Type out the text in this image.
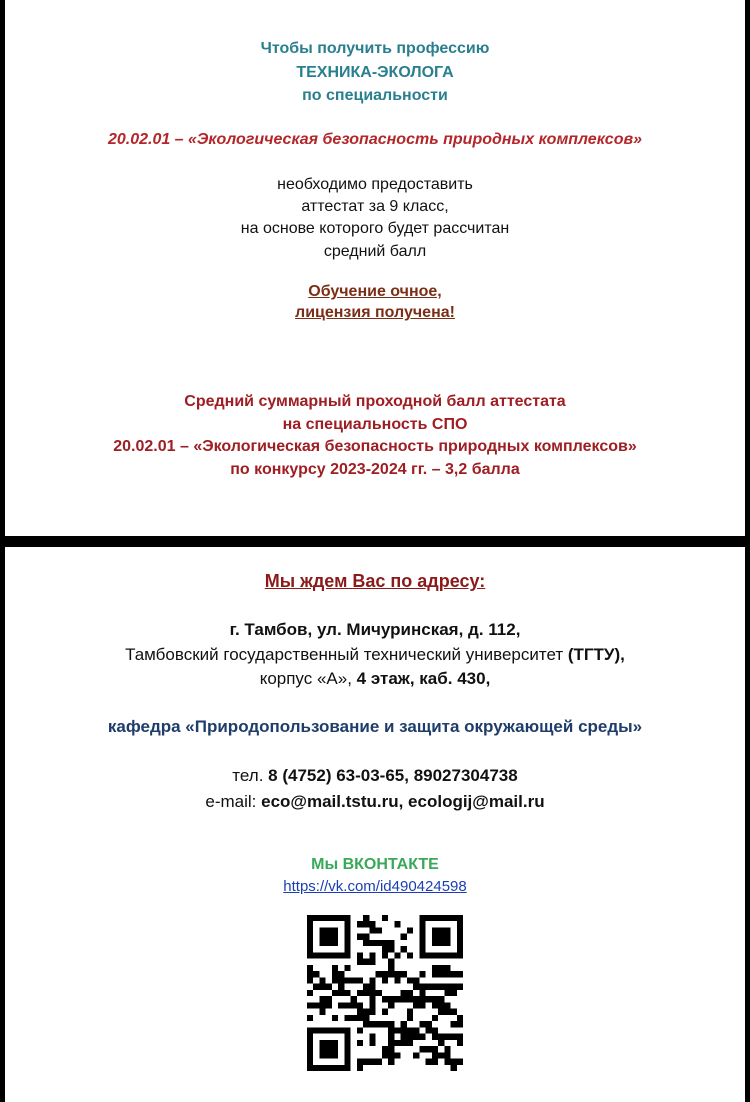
Чтобы получить профессию
ТЕХНИКА-ЭКОЛОГА
по специальности
20.02.01 – «Экологическая безопасность природных комплексов»
необходимо предоставить
аттестат за 9 класс,
на основе которого будет рассчитан
средний балл
Обучение очное,
лицензия получена!
Средний суммарный проходной балл аттестата
на специальность СПО
20.02.01 – «Экологическая безопасность природных комплексов»
по конкурсу 2023-2024 гг. – 3,2 балла
Мы ждем Вас по адресу:
г. Тамбов, ул. Мичуринская, д. 112,
Тамбовский государственный технический университет (ТГТУ),
корпус «А», 4 этаж, каб. 430,
кафедра «Природопользование и защита окружающей среды»
тел. 8 (4752) 63-03-65, 89027304738
e-mail: eco@mail.tstu.ru, ecologij@mail.ru
Мы ВКОНТАКТЕ
https://vk.com/id490424598
